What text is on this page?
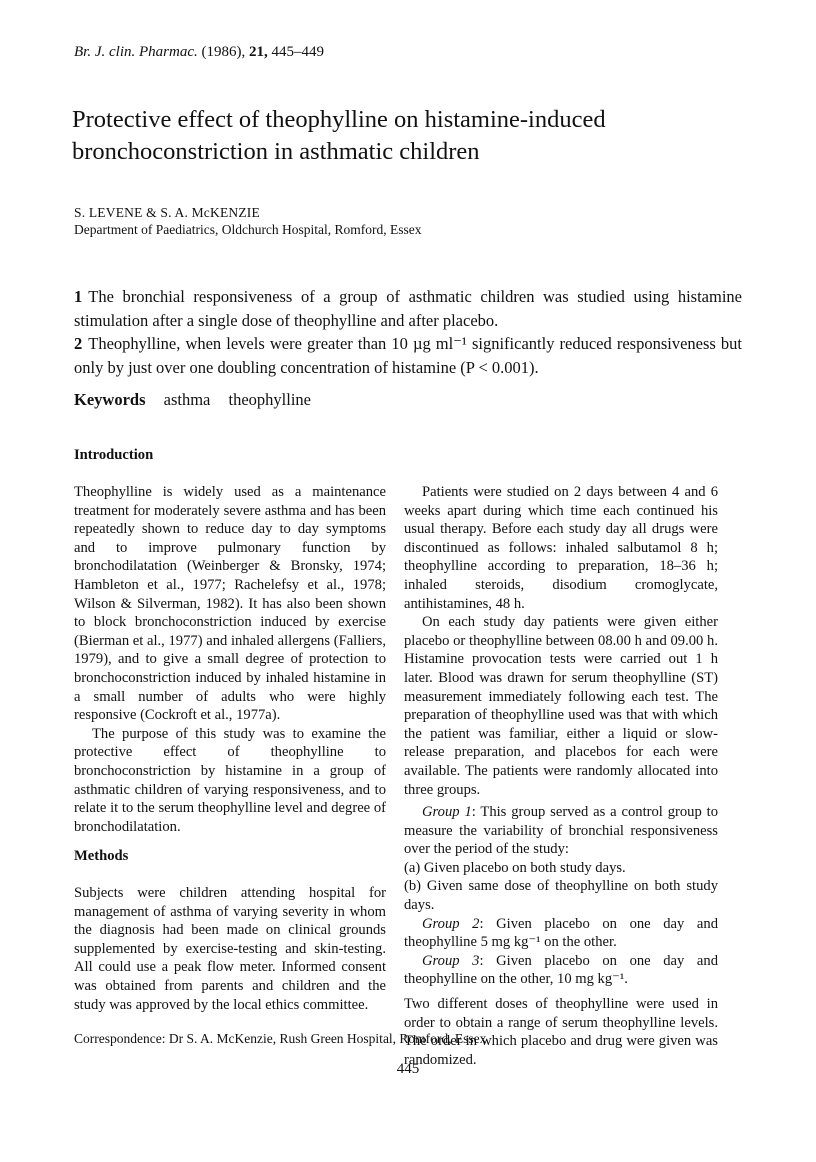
Br. J. clin. Pharmac. (1986), 21, 445–449
Protective effect of theophylline on histamine-induced
bronchoconstriction in asthmatic children
S. LEVENE & S. A. McKENZIE
Department of Paediatrics, Oldchurch Hospital, Romford, Essex

1 The bronchial responsiveness of a group of asthmatic children was studied using histamine stimulation after a single dose of theophylline and after placebo.

2 Theophylline, when levels were greater than 10 µg ml⁻¹ significantly reduced responsiveness but only by just over one doubling concentration of histamine (P < 0.001).

Keywords asthma theophylline
Introduction

Theophylline is widely used as a maintenance treatment for moderately severe asthma and has been repeatedly shown to reduce day to day symptoms and to improve pulmonary function by bronchodilatation (Weinberger & Bronsky, 1974; Hambleton et al., 1977; Rachelefsy et al., 1978; Wilson & Silverman, 1982). It has also been shown to block bronchoconstriction induced by exercise (Bierman et al., 1977) and inhaled allergens (Falliers, 1979), and to give a small degree of protection to bronchoconstriction induced by inhaled histamine in a small number of adults who were highly responsive (Cockroft et al., 1977a).

The purpose of this study was to examine the protective effect of theophylline to bronchoconstriction by histamine in a group of asthmatic children of varying responsiveness, and to relate it to the serum theophylline level and degree of bronchodilatation.

Methods

Subjects were children attending hospital for management of asthma of varying severity in whom the diagnosis had been made on clinical grounds supplemented by exercise-testing and skin-testing. All could use a peak flow meter. Informed consent was obtained from parents and children and the study was approved by the local ethics committee.

Patients were studied on 2 days between 4 and 6 weeks apart during which time each continued his usual therapy. Before each study day all drugs were discontinued as follows: inhaled salbutamol 8 h; theophylline according to preparation, 18–36 h; inhaled steroids, disodium cromoglycate, antihistamines, 48 h.

On each study day patients were given either placebo or theophylline between 08.00 h and 09.00 h. Histamine provocation tests were carried out 1 h later. Blood was drawn for serum theophylline (ST) measurement immediately following each test. The preparation of theophylline used was that with which the patient was familiar, either a liquid or slow-release preparation, and placebos for each were available. The patients were randomly allocated into three groups.

Group 1: This group served as a control group to measure the variability of bronchial responsiveness over the period of the study:

(a) Given placebo on both study days.

(b) Given same dose of theophylline on both study days.

Group 2: Given placebo on one day and theophylline 5 mg kg⁻¹ on the other.

Group 3: Given placebo on one day and theophylline on the other, 10 mg kg⁻¹.

Two different doses of theophylline were used in order to obtain a range of serum theophylline levels. The order in which placebo and drug were given was randomized.

Correspondence: Dr S. A. McKenzie, Rush Green Hospital, Romford, Essex
445
